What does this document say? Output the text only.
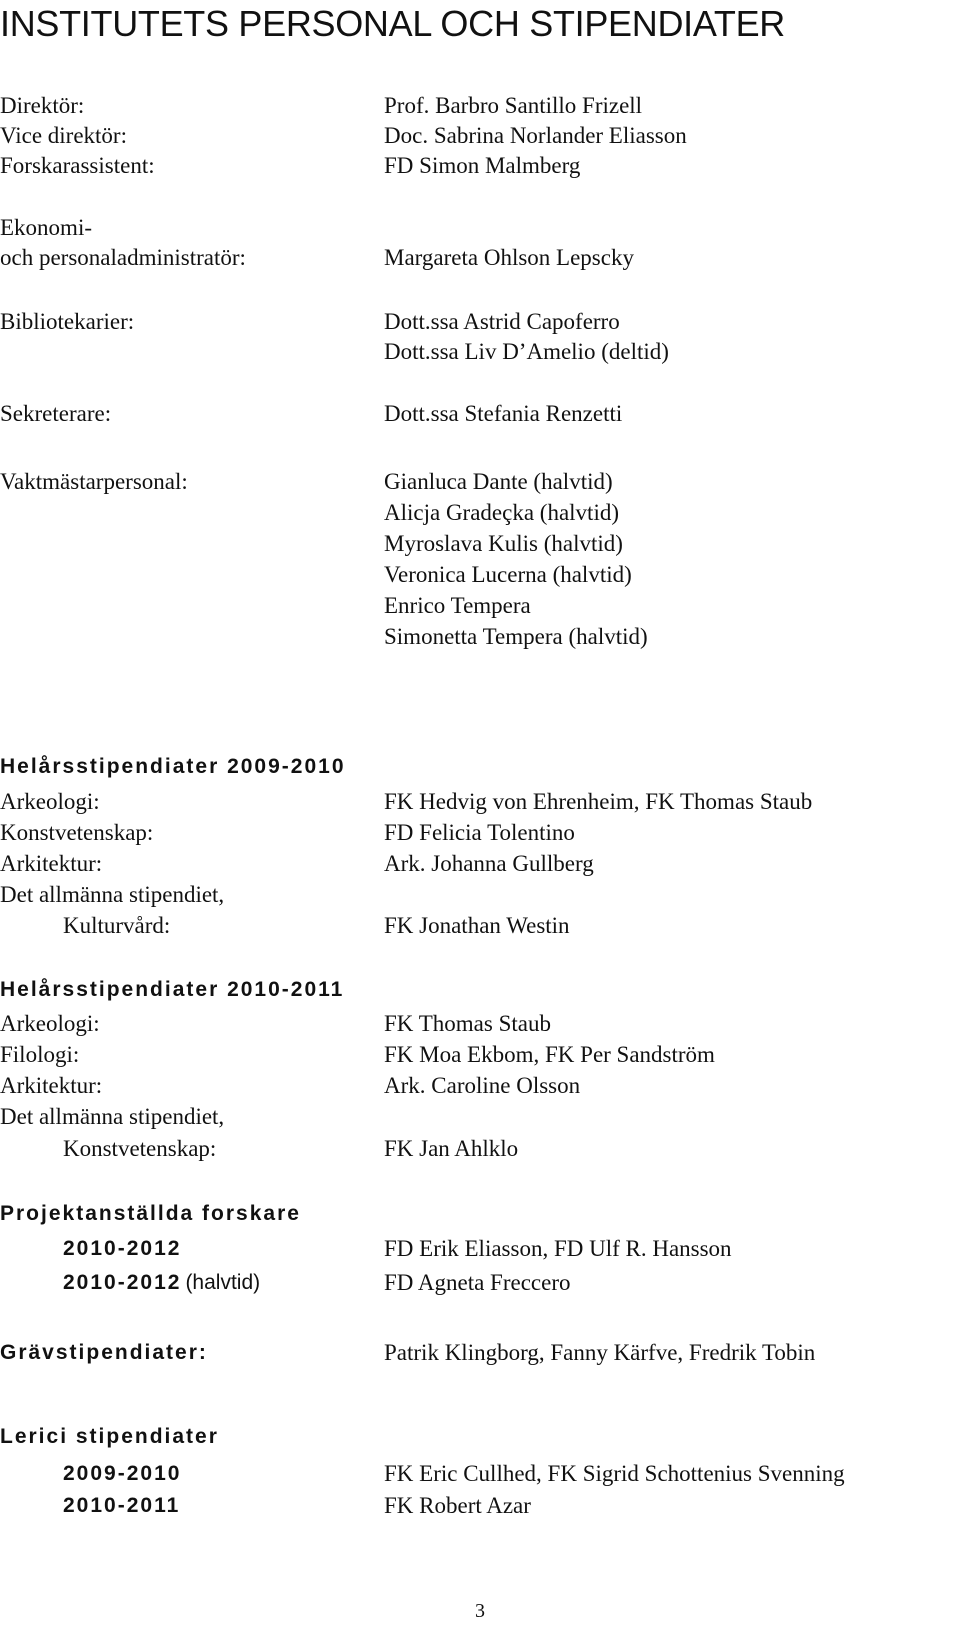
INSTITUTETS PERSONAL OCH STIPENDIATER
Direktör:	Prof. Barbro Santillo Frizell
Vice direktör:	Doc. Sabrina Norlander Eliasson
Forskarassistent:	FD Simon Malmberg
Ekonomi-
och personaladministratör:	Margareta Ohlson Lepscky
Bibliotekarier:	Dott.ssa Astrid Capoferro
Dott.ssa Liv D’Amelio (deltid)
Sekreterare:	Dott.ssa Stefania Renzetti
Vaktmästarpersonal:	Gianluca Dante (halvtid)
Alicja Gradeçka (halvtid)
Myroslava Kulis (halvtid)
Veronica Lucerna (halvtid)
Enrico Tempera
Simonetta Tempera (halvtid)
Helårsstipendiater 2009-2010
Arkeologi:	FK Hedvig von Ehrenheim, FK Thomas Staub
Konstvetenskap:	FD Felicia Tolentino
Arkitektur:	Ark. Johanna Gullberg
Det allmänna stipendiet,
Kulturvård:	FK Jonathan Westin
Helårsstipendiater 2010-2011
Arkeologi:	FK Thomas Staub
Filologi:	FK Moa Ekbom, FK Per Sandström
Arkitektur:	Ark. Caroline Olsson
Det allmänna stipendiet,
Konstvetenskap:	FK Jan Ahlklo
Projektanställda forskare
2010-2012	FD Erik Eliasson, FD Ulf R. Hansson
2010-2012 (halvtid)	FD Agneta Freccero
Grävstipendiater:	Patrik Klingborg, Fanny Kärfve, Fredrik Tobin
Lerici stipendiater
2009-2010	FK Eric Cullhed, FK Sigrid Schottenius Svenning
2010-2011	FK Robert Azar
3
